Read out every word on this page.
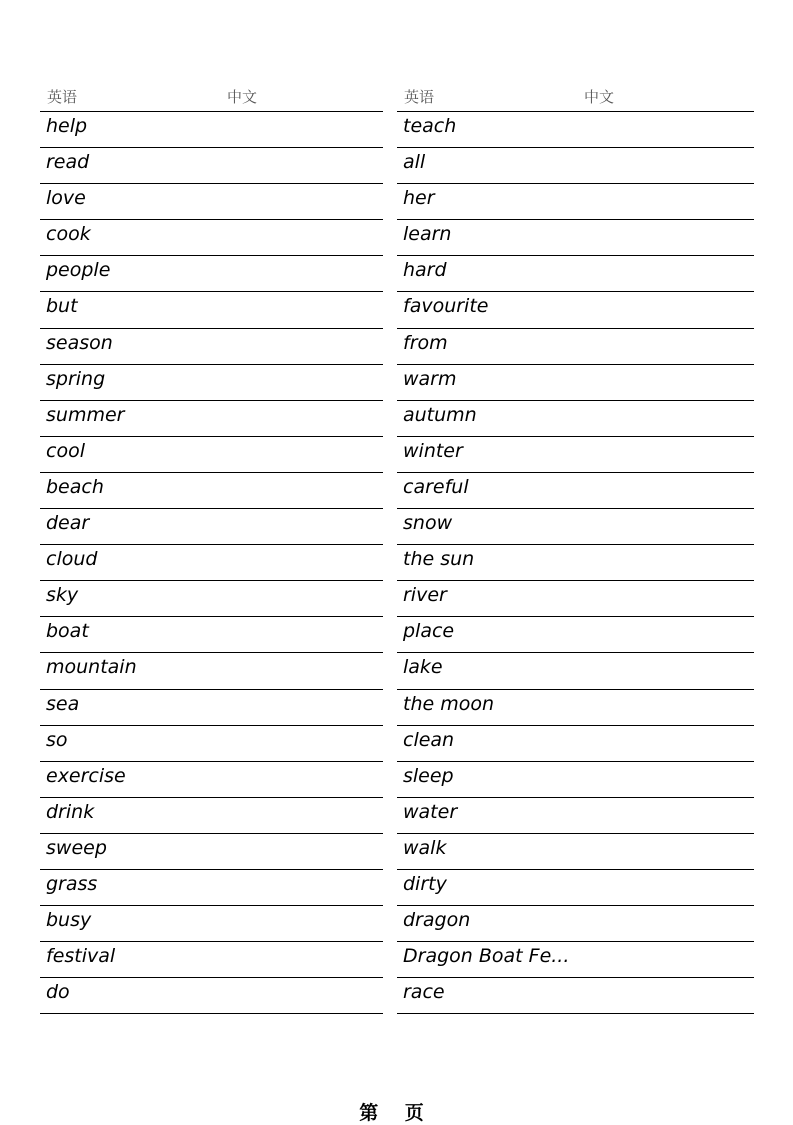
英语	中文
help
read
love
cook
people
but
season
spring
summer
cool
beach
dear
cloud
sky
boat
mountain
sea
so
exercise
drink
sweep
grass
busy
festival
do
英语	中文
teach
all
her
learn
hard
favourite
from
warm
autumn
winter
careful
snow
the sun
river
place
lake
the moon
clean
sleep
water
walk
dirty
dragon
Dragon Boat Fe...
race
第 页
